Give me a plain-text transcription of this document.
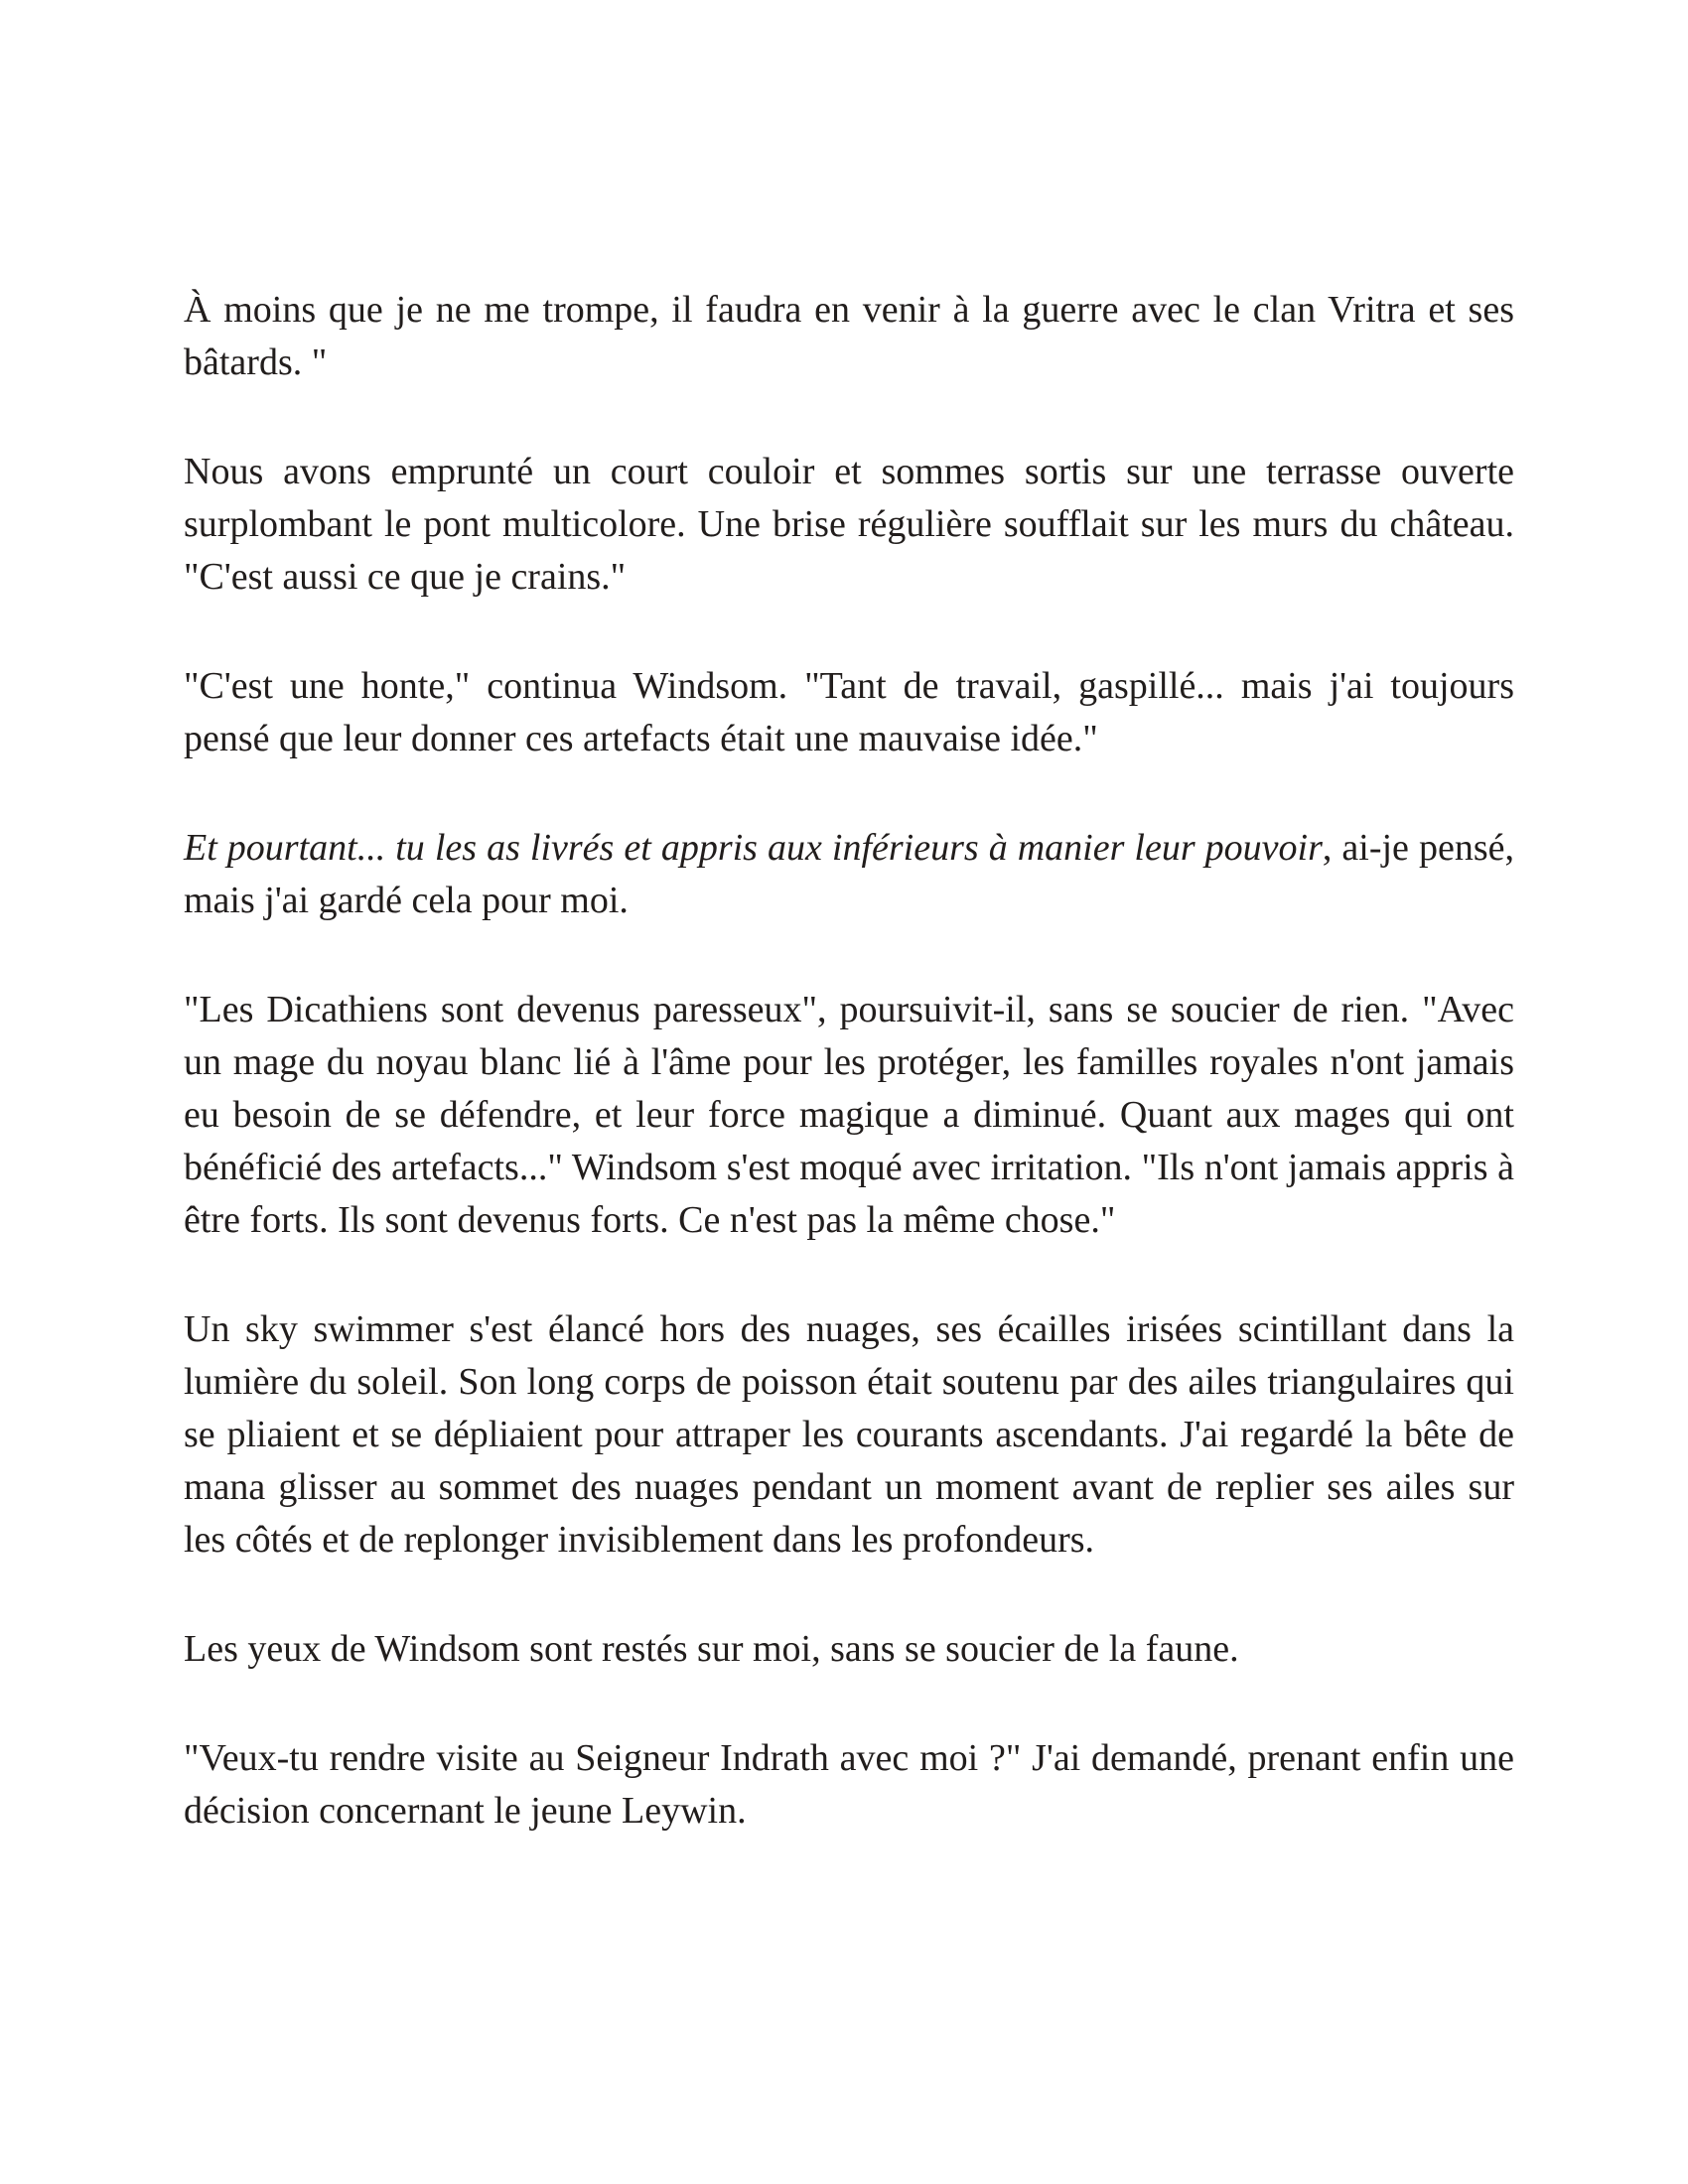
À moins que je ne me trompe, il faudra en venir à la guerre avec le clan Vritra et ses bâtards. "

Nous avons emprunté un court couloir et sommes sortis sur une terrasse ouverte surplombant le pont multicolore. Une brise régulière soufflait sur les murs du château. "C'est aussi ce que je crains."

"C'est une honte," continua Windsom. "Tant de travail, gaspillé... mais j'ai toujours pensé que leur donner ces artefacts était une mauvaise idée."

Et pourtant... tu les as livrés et appris aux inférieurs à manier leur pouvoir, ai-je pensé, mais j'ai gardé cela pour moi.

"Les Dicathiens sont devenus paresseux", poursuivit-il, sans se soucier de rien. "Avec un mage du noyau blanc lié à l'âme pour les protéger, les familles royales n'ont jamais eu besoin de se défendre, et leur force magique a diminué. Quant aux mages qui ont bénéficié des artefacts..." Windsom s'est moqué avec irritation. "Ils n'ont jamais appris à être forts. Ils sont devenus forts. Ce n'est pas la même chose."

Un sky swimmer s'est élancé hors des nuages, ses écailles irisées scintillant dans la lumière du soleil. Son long corps de poisson était soutenu par des ailes triangulaires qui se pliaient et se dépliaient pour attraper les courants ascendants. J'ai regardé la bête de mana glisser au sommet des nuages pendant un moment avant de replier ses ailes sur les côtés et de replonger invisiblement dans les profondeurs.

Les yeux de Windsom sont restés sur moi, sans se soucier de la faune.

"Veux-tu rendre visite au Seigneur Indrath avec moi ?" J'ai demandé, prenant enfin une décision concernant le jeune Leywin.
